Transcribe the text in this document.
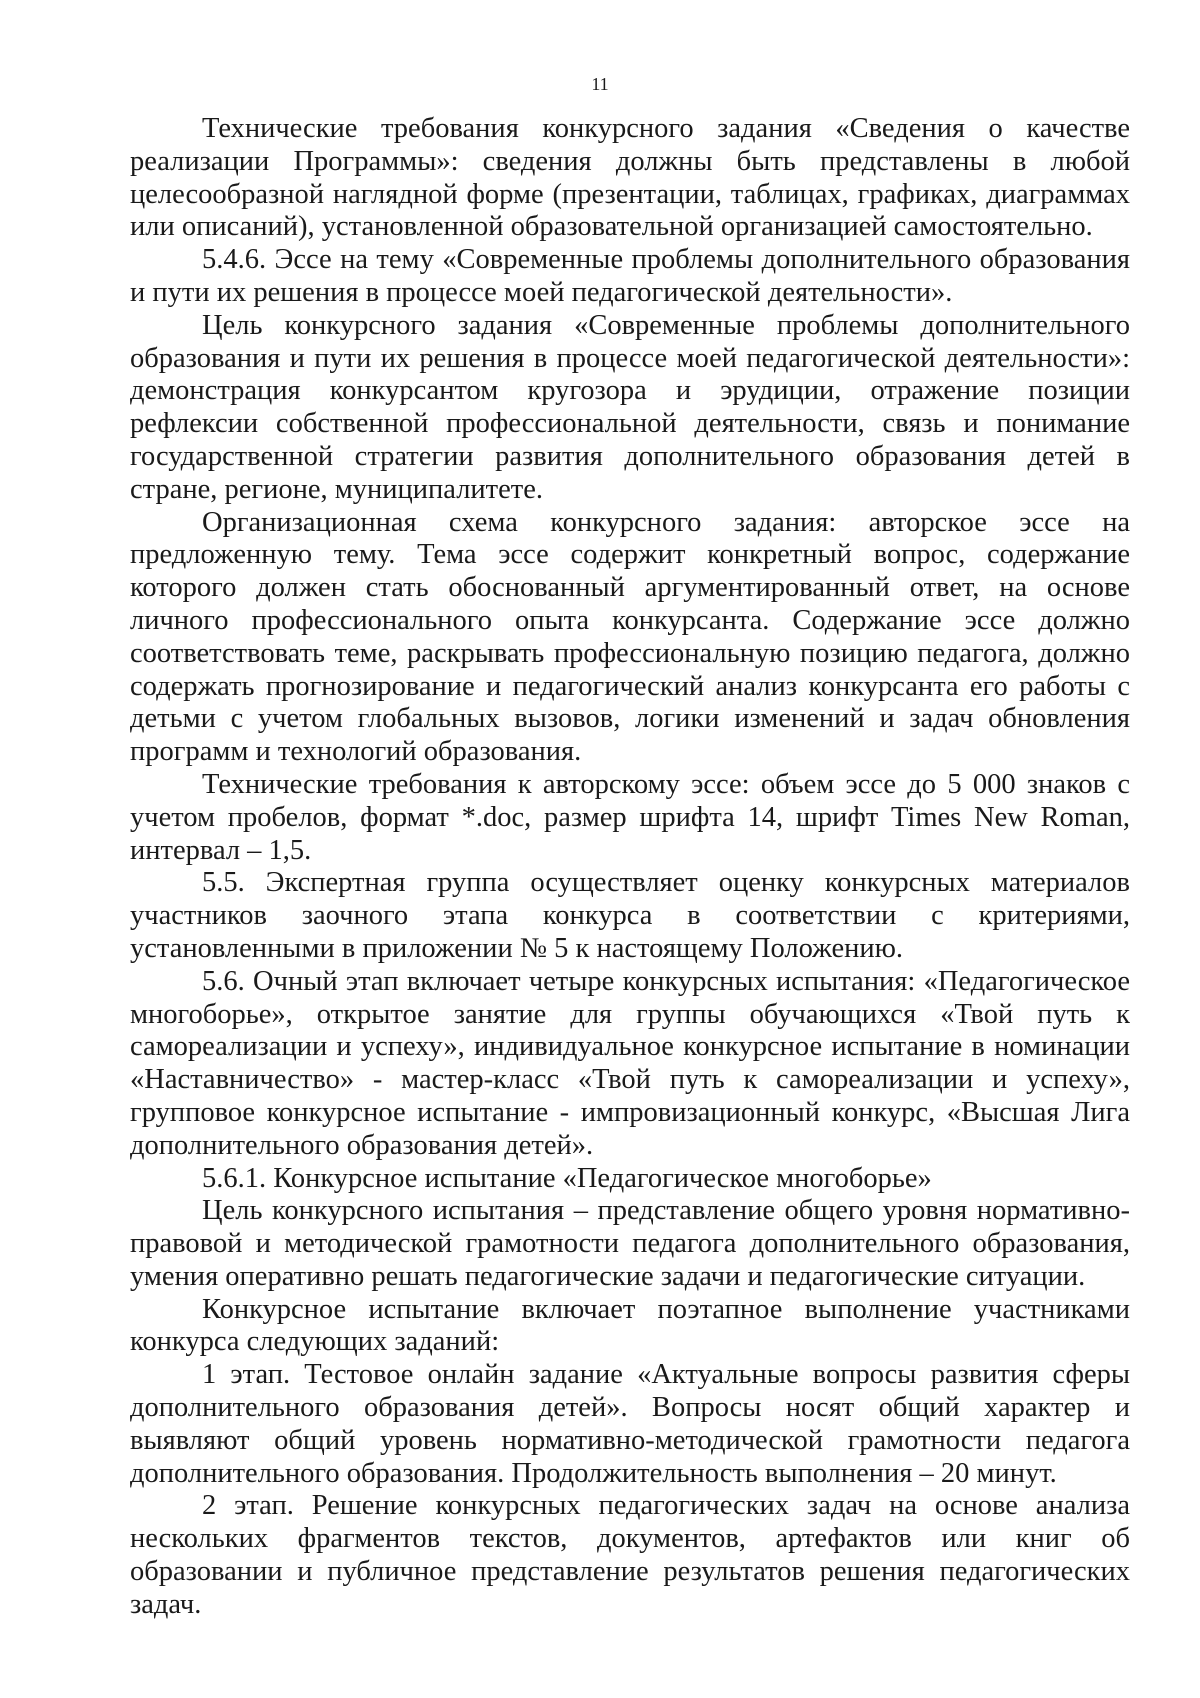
11

Технические требования конкурсного задания «Сведения о качестве реализации Программы»: сведения должны быть представлены в любой целесообразной наглядной форме (презентации, таблицах, графиках, диаграммах или описаний), установленной образовательной организацией самостоятельно.

5.4.6. Эссе на тему «Современные проблемы дополнительного образования и пути их решения в процессе моей педагогической деятельности».

Цель конкурсного задания «Современные проблемы дополнительного образования и пути их решения в процессе моей педагогической деятельности»: демонстрация конкурсантом кругозора и эрудиции, отражение позиции рефлексии собственной профессиональной деятельности, связь и понимание государственной стратегии развития дополнительного образования детей в стране, регионе, муниципалитете.

Организационная схема конкурсного задания: авторское эссе на предложенную тему. Тема эссе содержит конкретный вопрос, содержание которого должен стать обоснованный аргументированный ответ, на основе личного профессионального опыта конкурсанта. Содержание эссе должно соответствовать теме, раскрывать профессиональную позицию педагога, должно содержать прогнозирование и педагогический анализ конкурсанта его работы с детьми с учетом глобальных вызовов, логики изменений и задач обновления программ и технологий образования.

Технические требования к авторскому эссе: объем эссе до 5 000 знаков с учетом пробелов, формат *.doc, размер шрифта 14, шрифт Times New Roman, интервал – 1,5.

5.5. Экспертная группа осуществляет оценку конкурсных материалов участников заочного этапа конкурса в соответствии с критериями, установленными в приложении № 5 к настоящему Положению.

5.6. Очный этап включает четыре конкурсных испытания: «Педагогическое многоборье», открытое занятие для группы обучающихся «Твой путь к самореализации и успеху», индивидуальное конкурсное испытание в номинации «Наставничество» - мастер-класс «Твой путь к самореализации и успеху», групповое конкурсное испытание - импровизационный конкурс, «Высшая Лига дополнительного образования детей».

5.6.1. Конкурсное испытание «Педагогическое многоборье»

Цель конкурсного испытания – представление общего уровня нормативно-правовой и методической грамотности педагога дополнительного образования, умения оперативно решать педагогические задачи и педагогические ситуации.

Конкурсное испытание включает поэтапное выполнение участниками конкурса следующих заданий:

1 этап. Тестовое онлайн задание «Актуальные вопросы развития сферы дополнительного образования детей». Вопросы носят общий характер и выявляют общий уровень нормативно-методической грамотности педагога дополнительного образования. Продолжительность выполнения – 20 минут.

2 этап. Решение конкурсных педагогических задач на основе анализа нескольких фрагментов текстов, документов, артефактов или книг об образовании и публичное представление результатов решения педагогических задач.
